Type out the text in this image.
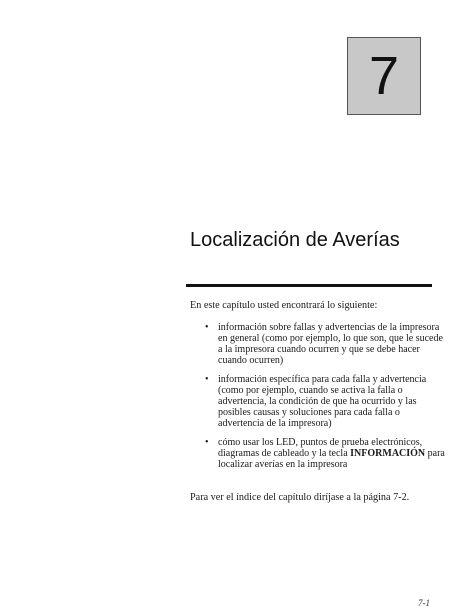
7
Localización de Averías

En este capítulo usted encontrará lo siguiente:

• información sobre fallas y advertencias de la impresora
en general (como por ejemplo, lo que son, que le sucede
a la impresora cuando ocurren y que se debe hacer
cuando ocurren)
• información específica para cada falla y advertencia
(como por ejemplo, cuando se activa la falla o
advertencia, la condición de que ha ocurrido y las
posibles causas y soluciones para cada falla o
advertencia de la impresora)
• cómo usar los LED, puntos de prueba electrónicos,
diagramas de cableado y la tecla INFORMACIÓN para
localizar averías en la impresora

Para ver el índice del capítulo diríjase a la página 7-2.

7-1
